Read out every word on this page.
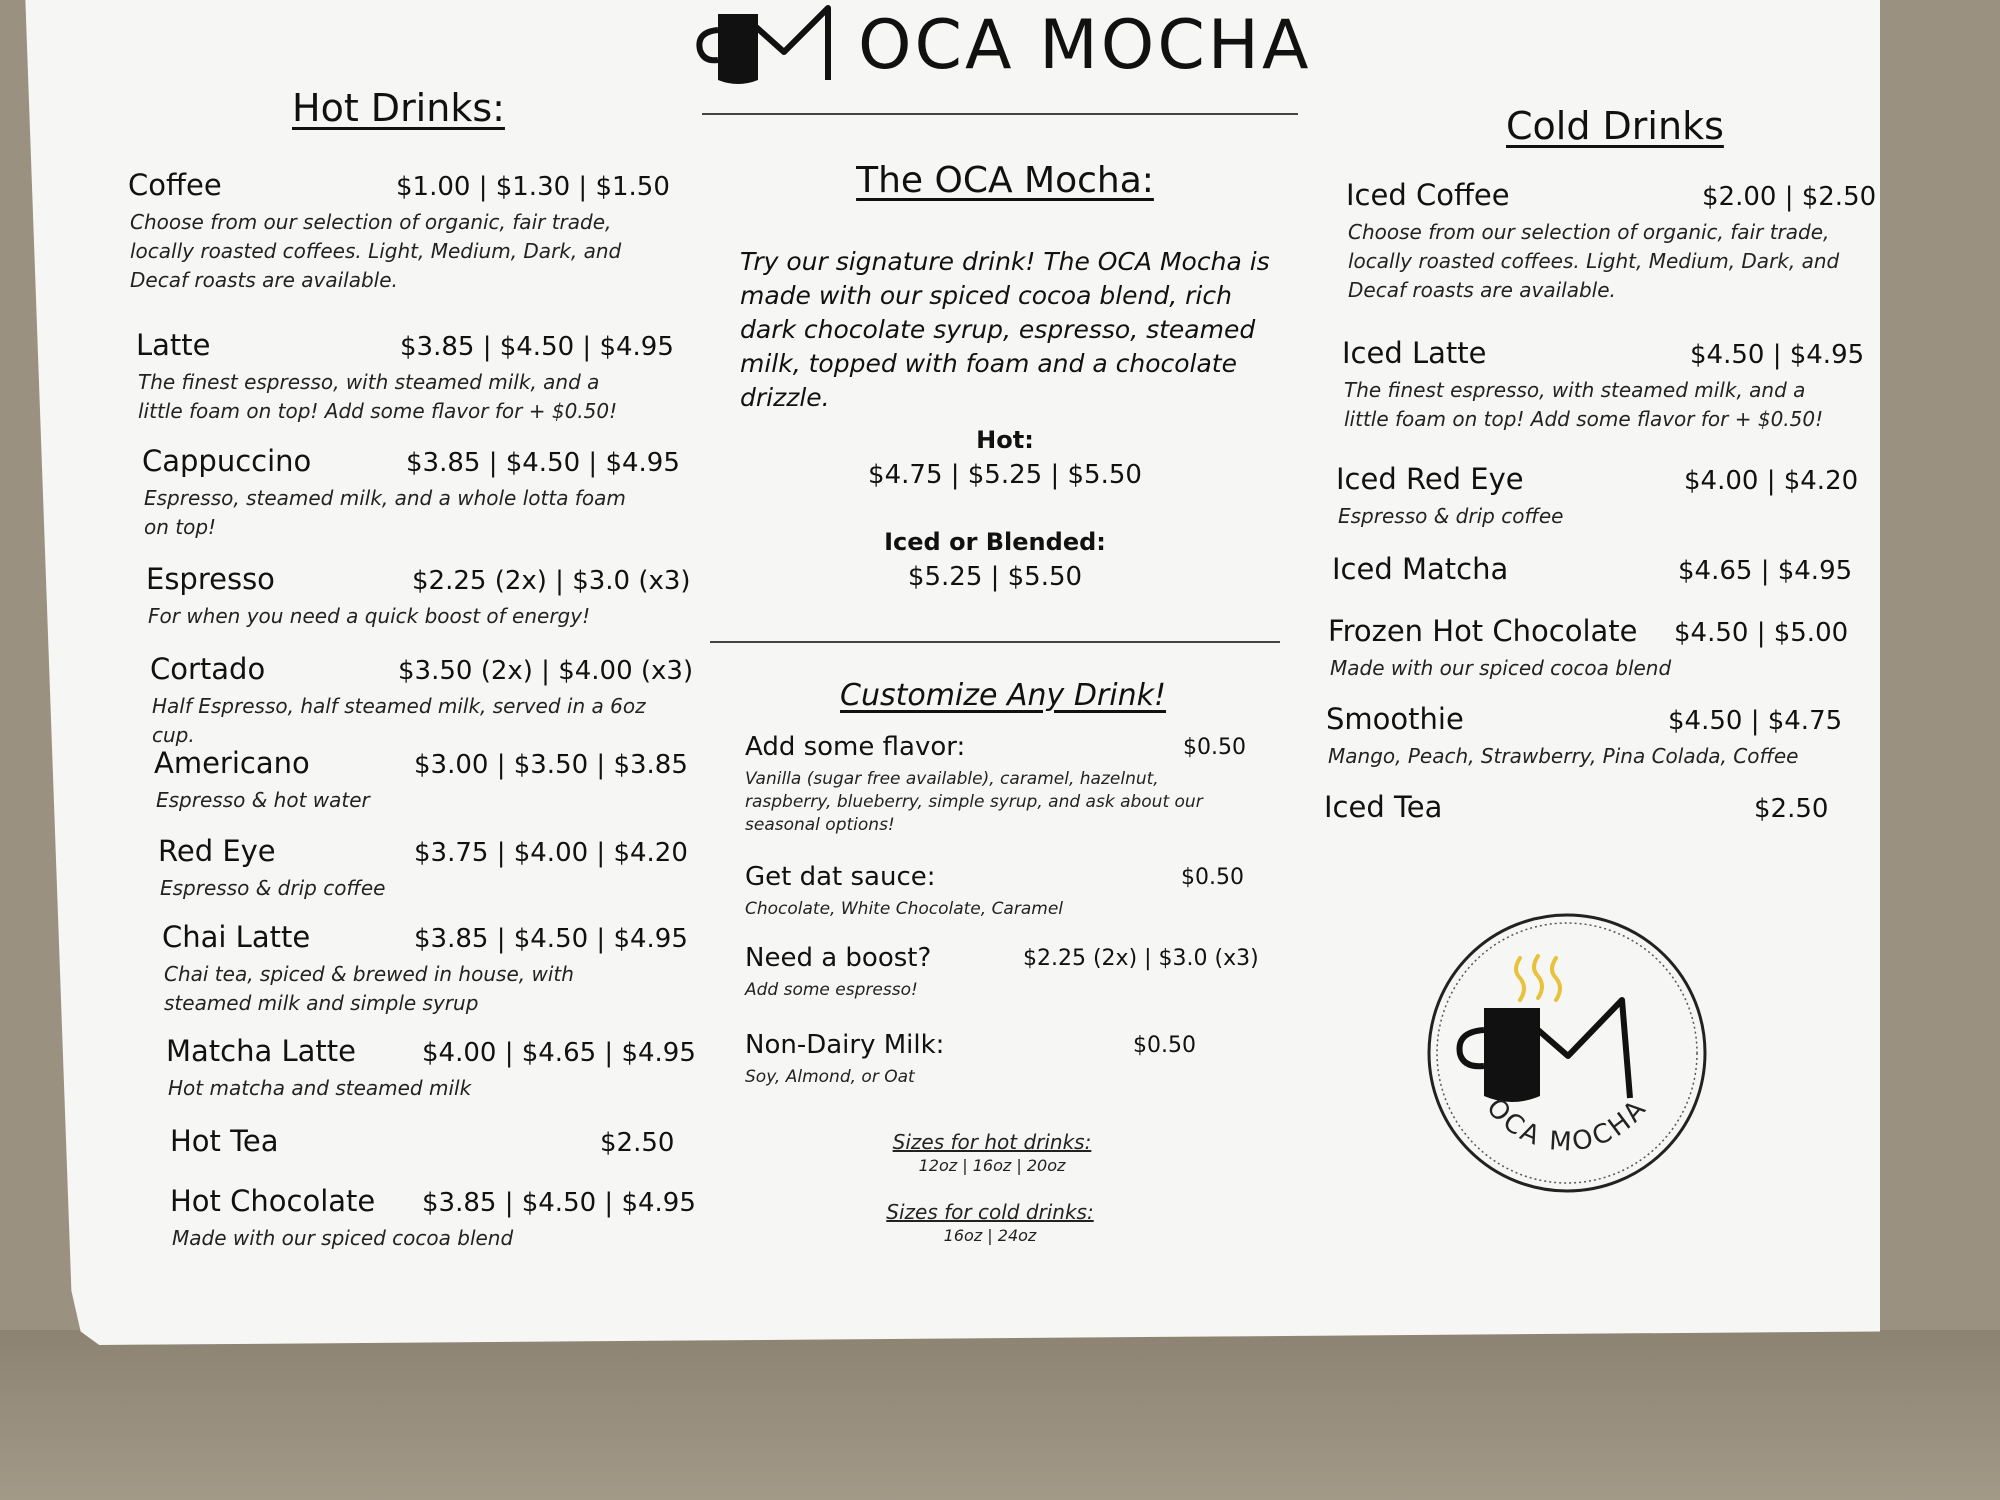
OCA MOCHA
Hot Drinks:
Coffee	$1.00 | $1.30 | $1.50
Choose from our selection of organic, fair trade, locally roasted coffees. Light, Medium, Dark, and Decaf roasts are available.
Latte	$3.85 | $4.50 | $4.95
The finest espresso, with steamed milk, and a little foam on top! Add some flavor for + $0.50!
Cappuccino	$3.85 | $4.50 | $4.95
Espresso, steamed milk, and a whole lotta foam on top!
Espresso	$2.25 (2x) | $3.0 (x3)
For when you need a quick boost of energy!
Cortado	$3.50 (2x) | $4.00 (x3)
Half Espresso, half steamed milk, served in a 6oz cup.
Americano	$3.00 | $3.50 | $3.85
Espresso & hot water
Red Eye	$3.75 | $4.00 | $4.20
Espresso & drip coffee
Chai Latte	$3.85 | $4.50 | $4.95
Chai tea, spiced & brewed in house, with steamed milk and simple syrup
Matcha Latte	$4.00 | $4.65 | $4.95
Hot matcha and steamed milk
Hot Tea	$2.50
Hot Chocolate $3.85 | $4.50 | $4.95
Made with our spiced cocoa blend
The OCA Mocha:
Try our signature drink! The OCA Mocha is made with our spiced cocoa blend, rich dark chocolate syrup, espresso, steamed milk, topped with foam and a chocolate drizzle.
Hot:
$4.75 | $5.25 | $5.50
Iced or Blended:
$5.25 | $5.50
Customize Any Drink!
Add some flavor:	$0.50
Vanilla (sugar free available), caramel, hazelnut, raspberry, blueberry, simple syrup, and ask about our seasonal options!
Get dat sauce:	$0.50
Chocolate, White Chocolate, Caramel
Need a boost?	$2.25 (2x) | $3.0 (x3)
Add some espresso!
Non-Dairy Milk:	$0.50
Soy, Almond, or Oat
Sizes for hot drinks:
12oz | 16oz | 20oz
Sizes for cold drinks:
16oz | 24oz
Cold Drinks
Iced Coffee	$2.00 | $2.50
Choose from our selection of organic, fair trade, locally roasted coffees. Light, Medium, Dark, and Decaf roasts are available.
Iced Latte	$4.50 | $4.95
The finest espresso, with steamed milk, and a little foam on top! Add some flavor for + $0.50!
Iced Red Eye	$4.00 | $4.20
Espresso & drip coffee
Iced Matcha	$4.65 | $4.95
Frozen Hot Chocolate $4.50 | $5.00
Made with our spiced cocoa blend
Smoothie	$4.50 | $4.75
Mango, Peach, Strawberry, Pina Colada, Coffee
Iced Tea	$2.50
OCA MOCHA
